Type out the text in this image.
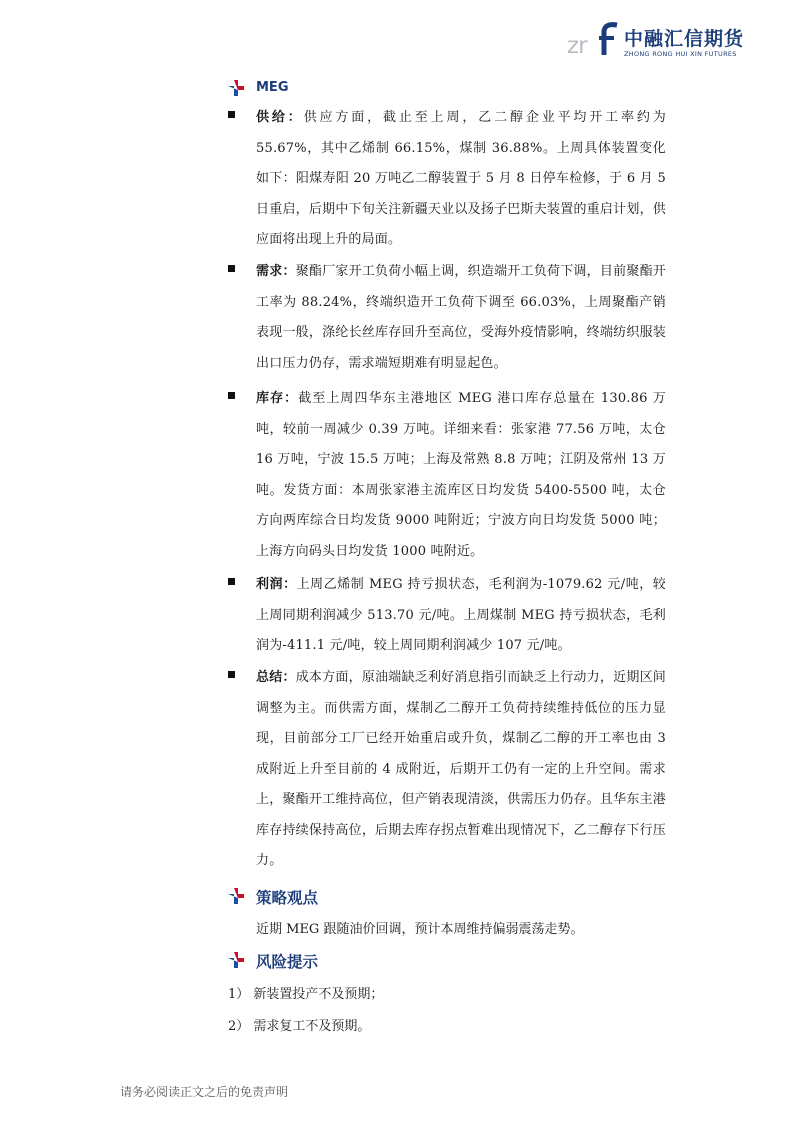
zr 中融汇信期货
ZHONG RONG HUI XIN FUTURES
MEG

供给：供应方面，截止至上周，乙二醇企业平均开工率约为 55.67%，其中乙烯制 66.15%，煤制 36.88%。上周具体装置变化如下：阳煤寿阳 20 万吨乙二醇装置于 5 月 8 日停车检修，于 6 月 5 日重启，后期中下旬关注新疆天业以及扬子巴斯夫装置的重启计划，供应面将出现上升的局面。

需求：聚酯厂家开工负荷小幅上调，织造端开工负荷下调，目前聚酯开工率为 88.24%，终端织造开工负荷下调至 66.03%，上周聚酯产销表现一般，涤纶长丝库存回升至高位，受海外疫情影响，终端纺织服装出口压力仍存，需求端短期难有明显起色。

库存：截至上周四华东主港地区 MEG 港口库存总量在 130.86 万吨，较前一周减少 0.39 万吨。详细来看：张家港 77.56 万吨，太仓 16 万吨，宁波 15.5 万吨；上海及常熟 8.8 万吨；江阴及常州 13 万吨。发货方面：本周张家港主流库区日均发货 5400-5500 吨，太仓方向两库综合日均发货 9000 吨附近；宁波方向日均发货 5000 吨；上海方向码头日均发货 1000 吨附近。

利润：上周乙烯制 MEG 持亏损状态，毛利润为-1079.62 元/吨，较上周同期利润减少 513.70 元/吨。上周煤制 MEG 持亏损状态，毛利润为-411.1 元/吨，较上周同期利润减少 107 元/吨。

总结：成本方面，原油端缺乏利好消息指引而缺乏上行动力，近期区间调整为主。而供需方面，煤制乙二醇开工负荷持续维持低位的压力显现，目前部分工厂已经开始重启或升负，煤制乙二醇的开工率也由 3 成附近上升至目前的 4 成附近，后期开工仍有一定的上升空间。需求上，聚酯开工维持高位，但产销表现清淡，供需压力仍存。且华东主港库存持续保持高位，后期去库存拐点暂难出现情况下，乙二醇存下行压力。

策略观点
近期 MEG 跟随油价回调，预计本周维持偏弱震荡走势。
风险提示
1） 新装置投产不及预期；
2） 需求复工不及预期。
请务必阅读正文之后的免责声明
